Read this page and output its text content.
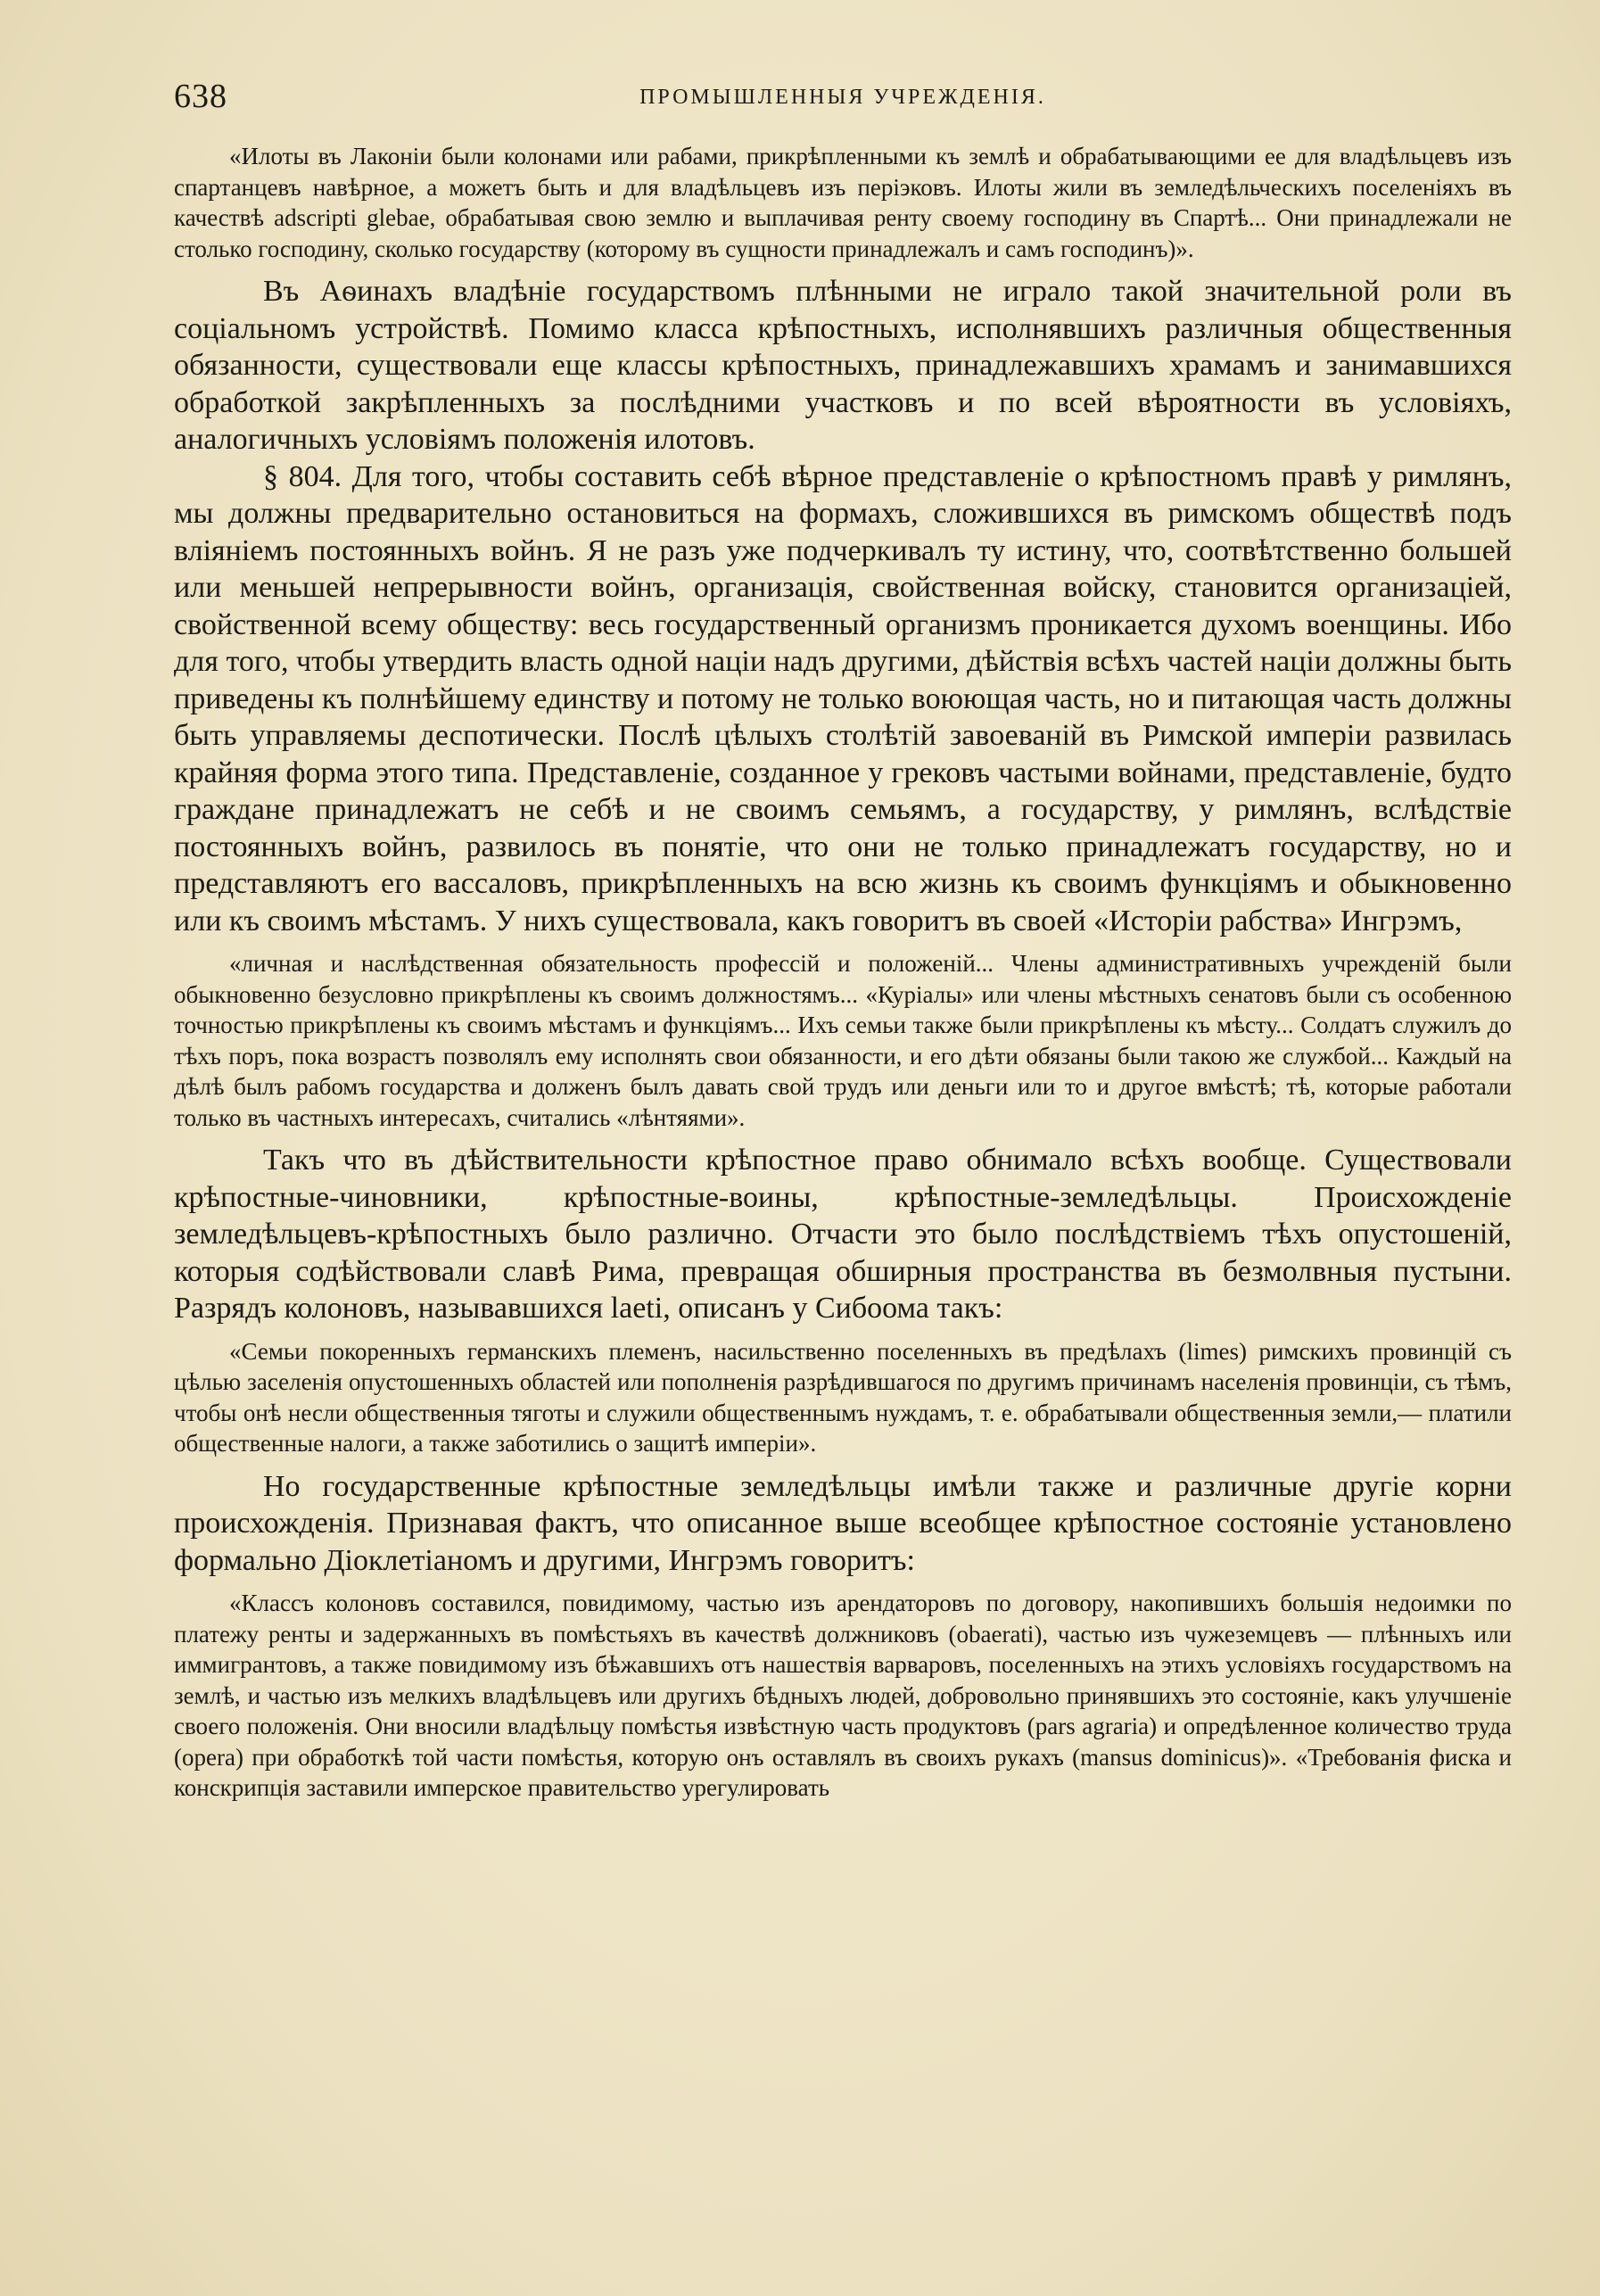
638	ПРОМЫШЛЕННЫЯ УЧРЕЖДЕНІЯ.

«Илоты въ Лаконіи были колонами или рабами, прикрѣпленными къ землѣ и обрабатывающими ее для владѣльцевъ изъ спартанцевъ навѣрное, а можетъ быть и для владѣльцевъ изъ періэковъ. Илоты жили въ земледѣльческихъ поселеніяхъ въ качествѣ adscripti glebae, обрабатывая свою землю и выплачивая ренту своему господину въ Спартѣ... Они принадлежали не столько господину, сколько государству (которому въ сущности принадлежалъ и самъ господинъ)».

Въ Аѳинахъ владѣніе государствомъ плѣнными не играло такой значительной роли въ соціальномъ устройствѣ. Помимо класса крѣпостныхъ, исполнявшихъ различныя общественныя обязанности, существовали еще классы крѣпостныхъ, принадлежавшихъ храмамъ и занимавшихся обработкой закрѣпленныхъ за послѣдними участковъ и по всей вѣроятности въ условіяхъ, аналогичныхъ условіямъ положенія илотовъ.

§ 804. Для того, чтобы составить себѣ вѣрное представленіе о крѣпостномъ правѣ у римлянъ, мы должны предварительно остановиться на формахъ, сложившихся въ римскомъ обществѣ подъ вліяніемъ постоянныхъ войнъ. Я не разъ уже подчеркивалъ ту истину, что, соотвѣтственно большей или меньшей непрерывности войнъ, организація, свойственная войску, становится организаціей, свойственной всему обществу: весь государственный организмъ проникается духомъ военщины. Ибо для того, чтобы утвердить власть одной націи надъ другими, дѣйствія всѣхъ частей націи должны быть приведены къ полнѣйшему единству и потому не только воюющая часть, но и питающая часть должны быть управляемы деспотически. Послѣ цѣлыхъ столѣтій завоеваній въ Римской имперіи развилась крайняя форма этого типа. Представленіе, созданное у грековъ частыми войнами, представленіе, будто граждане принадлежатъ не себѣ и не своимъ семьямъ, а государству, у римлянъ, вслѣдствіе постоянныхъ войнъ, развилось въ понятіе, что они не только принадлежатъ государству, но и представляютъ его вассаловъ, прикрѣпленныхъ на всю жизнь къ своимъ функціямъ и обыкновенно или къ своимъ мѣстамъ. У нихъ существовала, какъ говоритъ въ своей «Исторіи рабства» Ингрэмъ,

«личная и наслѣдственная обязательность профессій и положеній... Члены административныхъ учрежденій были обыкновенно безусловно прикрѣплены къ своимъ должностямъ... «Куріалы» или члены мѣстныхъ сенатовъ были съ особенною точностью прикрѣплены къ своимъ мѣстамъ и функціямъ... Ихъ семьи также были прикрѣплены къ мѣсту... Солдатъ служилъ до тѣхъ поръ, пока возрастъ позволялъ ему исполнять свои обязанности, и его дѣти обязаны были такою же службой... Каждый на дѣлѣ былъ рабомъ государства и долженъ былъ давать свой трудъ или деньги или то и другое вмѣстѣ; тѣ, которые работали только въ частныхъ интересахъ, считались «лѣнтяями».

Такъ что въ дѣйствительности крѣпостное право обнимало всѣхъ вообще. Существовали крѣпостные-чиновники, крѣпостные-воины, крѣпостные-земледѣльцы. Происхожденіе земледѣльцевъ-крѣпостныхъ было различно. Отчасти это было послѣдствіемъ тѣхъ опустошеній, которыя содѣйствовали славѣ Рима, превращая обширныя пространства въ безмолвныя пустыни. Разрядъ колоновъ, называвшихся laeti, описанъ у Сибоома такъ:

«Семьи покоренныхъ германскихъ племенъ, насильственно поселенныхъ въ предѣлахъ (limes) римскихъ провинцій съ цѣлью заселенія опустошенныхъ областей или пополненія разрѣдившагося по другимъ причинамъ населенія провинціи, съ тѣмъ, чтобы онѣ несли общественныя тяготы и служили общественнымъ нуждамъ, т. е. обрабатывали общественныя земли,— платили общественные налоги, а также заботились о защитѣ имперіи».

Но государственные крѣпостные земледѣльцы имѣли также и различные другіе корни происхожденія. Признавая фактъ, что описанное выше всеобщее крѣпостное состояніе установлено формально Діоклетіаномъ и другими, Ингрэмъ говоритъ:

«Классъ колоновъ составился, повидимому, частью изъ арендаторовъ по договору, накопившихъ большія недоимки по платежу ренты и задержанныхъ въ помѣстьяхъ въ качествѣ должниковъ (obaerati), частью изъ чужеземцевъ — плѣнныхъ или иммигрантовъ, а также повидимому изъ бѣжавшихъ отъ нашествія варваровъ, поселенныхъ на этихъ условіяхъ государствомъ на землѣ, и частью изъ мелкихъ владѣльцевъ или другихъ бѣдныхъ людей, добровольно принявшихъ это состояніе, какъ улучшеніе своего положенія. Они вносили владѣльцу помѣстья извѣстную часть продуктовъ (pars agraria) и опредѣленное количество труда (opera) при обработкѣ той части помѣстья, которую онъ оставлялъ въ своихъ рукахъ (mansus dominicus)». «Требованія фиска и конскрипція заставили имперское правительство урегулировать
